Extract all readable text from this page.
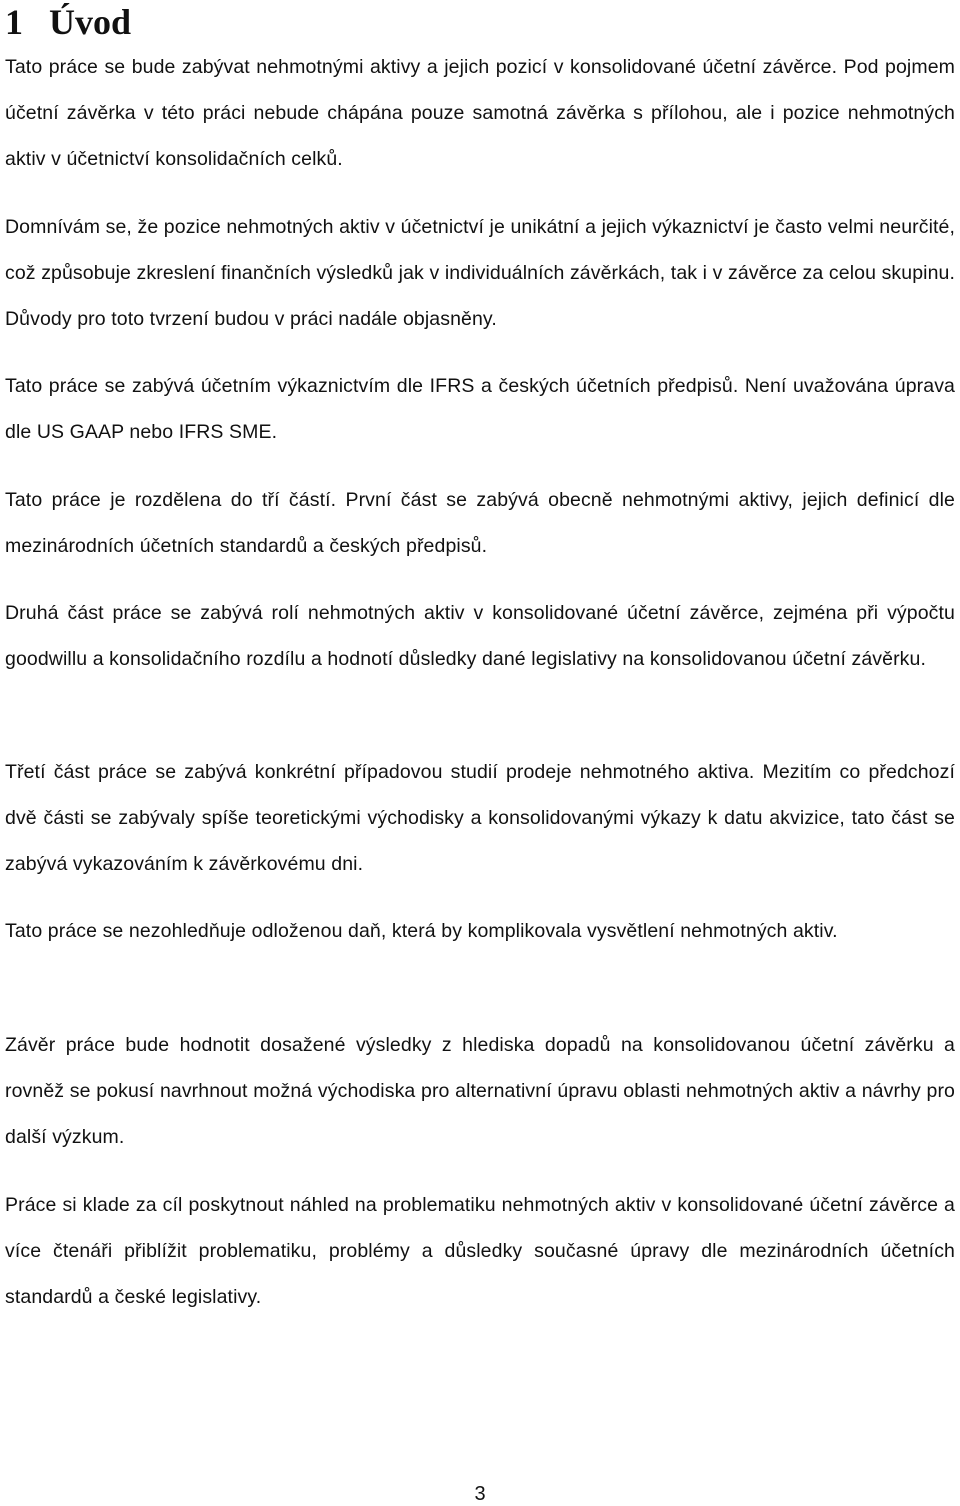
1 Úvod

Tato práce se bude zabývat nehmotnými aktivy a jejich pozicí v konsolidované účetní závěrce. Pod pojmem účetní závěrka v této práci nebude chápána pouze samotná závěrka s přílohou, ale i pozice nehmotných aktiv v účetnictví konsolidačních celků.

Domnívám se, že pozice nehmotných aktiv v účetnictví je unikátní a jejich výkaznictví je často velmi neurčité, což způsobuje zkreslení finančních výsledků jak v individuálních závěrkách, tak i v závěrce za celou skupinu. Důvody pro toto tvrzení budou v práci nadále objasněny.

Tato práce se zabývá účetním výkaznictvím dle IFRS a českých účetních předpisů. Není uvažována úprava dle US GAAP nebo IFRS SME.

Tato práce je rozdělena do tří částí. První část se zabývá obecně nehmotnými aktivy, jejich definicí dle mezinárodních účetních standardů a českých předpisů.

Druhá část práce se zabývá rolí nehmotných aktiv v konsolidované účetní závěrce, zejména při výpočtu goodwillu a konsolidačního rozdílu a hodnotí důsledky dané legislativy na konsolidovanou účetní závěrku.

Třetí část práce se zabývá konkrétní případovou studií prodeje nehmotného aktiva. Mezitím co předchozí dvě části se zabývaly spíše teoretickými východisky a konsolidovanými výkazy k datu akvizice, tato část se zabývá vykazováním k závěrkovému dni.

Tato práce se nezohledňuje odloženou daň, která by komplikovala vysvětlení nehmotných aktiv.

Závěr práce bude hodnotit dosažené výsledky z hlediska dopadů na konsolidovanou účetní závěrku a rovněž se pokusí navrhnout možná východiska pro alternativní úpravu oblasti nehmotných aktiv a návrhy pro další výzkum.

Práce si klade za cíl poskytnout náhled na problematiku nehmotných aktiv v konsolidované účetní závěrce a více čtenáři přiblížit problematiku, problémy a důsledky současné úpravy dle mezinárodních účetních standardů a české legislativy.

3
